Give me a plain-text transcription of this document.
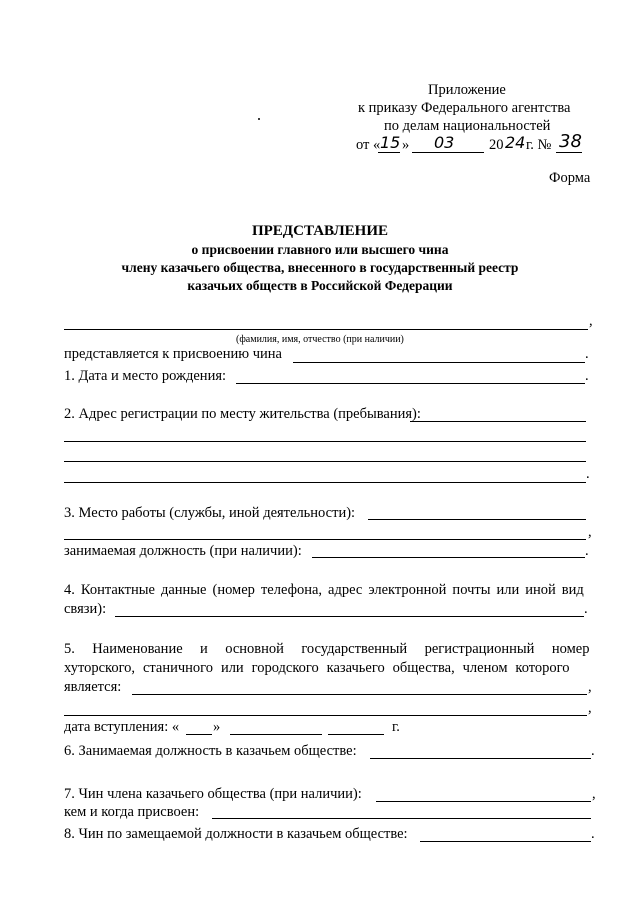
Приложение
к приказу Федерального агентства
по делам национальностей
от « 15 » 03 20 24 г. № 38
Форма
ПРЕДСТАВЛЕНИЕ
о присвоении главного или высшего чина
члену казачьего общества, внесенного в государственный реестр
казачьих обществ в Российской Федерации
,
(фамилия, имя, отчество (при наличии)
представляется к присвоению чина	.
1. Дата и место рождения:	.
2. Адрес регистрации по месту жительства (пребывания):
.
3. Место работы (службы, иной деятельности):
,
занимаемая должность (при наличии):	.
4. Контактные данные (номер телефона, адрес электронной почты или иной вид
связи):	.
5. Наименование и основной государственный регистрационный номер
хуторского, станичного или городского казачьего общества, членом которого
является:	,
,
дата вступления: « »	г.
6. Занимаемая должность в казачьем обществе:	.
7. Чин члена казачьего общества (при наличии):	,
кем и когда присвоен:
8. Чин по замещаемой должности в казачьем обществе:	.
